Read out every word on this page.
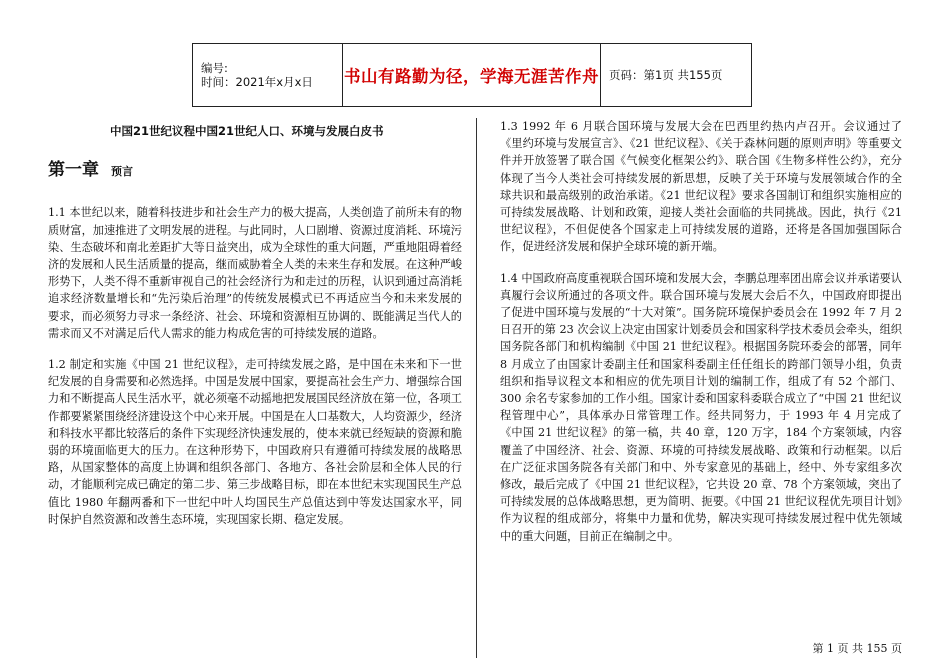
编号:
时间：2021年x月x日	书山有路勤为径，学海无涯苦作舟 页码：第1页 共155页
中国21世纪议程中国21世纪人口、环境与发展白皮书
第一章 预言

1.1 本世纪以来，随着科技进步和社会生产力的极大提高，人类创造了前所未有的物质财富，加速推进了文明发展的进程。与此同时，人口剧增、资源过度消耗、环境污染、生态破坏和南北差距扩大等日益突出，成为全球性的重大问题，严重地阻碍着经济的发展和人民生活质量的提高，继而威胁着全人类的未来生存和发展。在这种严峻形势下，人类不得不重新审视自己的社会经济行为和走过的历程，认识到通过高消耗追求经济数量增长和“先污染后治理”的传统发展模式已不再适应当今和未来发展的要求，而必须努力寻求一条经济、社会、环境和资源相互协调的、既能满足当代人的需求而又不对满足后代人需求的能力构成危害的可持续发展的道路。

1.2 制定和实施《中国 21 世纪议程》，走可持续发展之路，是中国在未来和下一世纪发展的自身需要和必然选择。中国是发展中国家，要提高社会生产力、增强综合国力和不断提高人民生活水平，就必须毫不动摇地把发展国民经济放在第一位，各项工作都要紧紧围绕经济建设这个中心来开展。中国是在人口基数大，人均资源少，经济和科技水平都比较落后的条件下实现经济快速发展的，使本来就已经短缺的资源和脆弱的环境面临更大的压力。在这种形势下，中国政府只有遵循可持续发展的战略思路，从国家整体的高度上协调和组织各部门、各地方、各社会阶层和全体人民的行动，才能顺利完成已确定的第二步、第三步战略目标，即在本世纪末实现国民生产总值比 1980 年翻两番和下一世纪中叶人均国民生产总值达到中等发达国家水平，同时保护自然资源和改善生态环境，实现国家长期、稳定发展。

1.3 1992 年 6 月联合国环境与发展大会在巴西里约热内卢召开。会议通过了《里约环境与发展宣言》、《21 世纪议程》、《关于森林问题的原则声明》等重要文件并开放签署了联合国《气候变化框架公约》、联合国《生物多样性公约》，充分体现了当今人类社会可持续发展的新思想，反映了关于环境与发展领域合作的全球共识和最高级别的政治承诺。《21 世纪议程》要求各国制订和组织实施相应的可持续发展战略、计划和政策，迎接人类社会面临的共同挑战。因此，执行《21 世纪议程》，不但促使各个国家走上可持续发展的道路，还将是各国加强国际合作，促进经济发展和保护全球环境的新开端。

1.4 中国政府高度重视联合国环境和发展大会，李鹏总理率团出席会议并承诺要认真履行会议所通过的各项文件。联合国环境与发展大会后不久，中国政府即提出了促进中国环境与发展的“十大对策”。国务院环境保护委员会在 1992 年 7 月 2 日召开的第 23 次会议上决定由国家计划委员会和国家科学技术委员会牵头，组织国务院各部门和机构编制《中国 21 世纪议程》。根据国务院环委会的部署，同年 8 月成立了由国家计委副主任和国家科委副主任任组长的跨部门领导小组，负责组织和指导议程文本和相应的优先项目计划的编制工作，组成了有 52 个部门、300 余名专家参加的工作小组。国家计委和国家科委联合成立了“中国 21 世纪议程管理中心”，具体承办日常管理工作。经共同努力，于 1993 年 4 月完成了《中国 21 世纪议程》的第一稿，共 40 章，120 万字，184 个方案领域，内容覆盖了中国经济、社会、资源、环境的可持续发展战略、政策和行动框架。以后在广泛征求国务院各有关部门和中、外专家意见的基础上，经中、外专家组多次修改，最后完成了《中国 21 世纪议程》，它共设 20 章、78 个方案领域，突出了可持续发展的总体战略思想，更为简明、扼要。《中国 21 世纪议程优先项目计划》作为议程的组成部分，将集中力量和优势，解决实现可持续发展过程中优先领域中的重大问题，目前正在编制之中。

第 1 页 共 155 页
